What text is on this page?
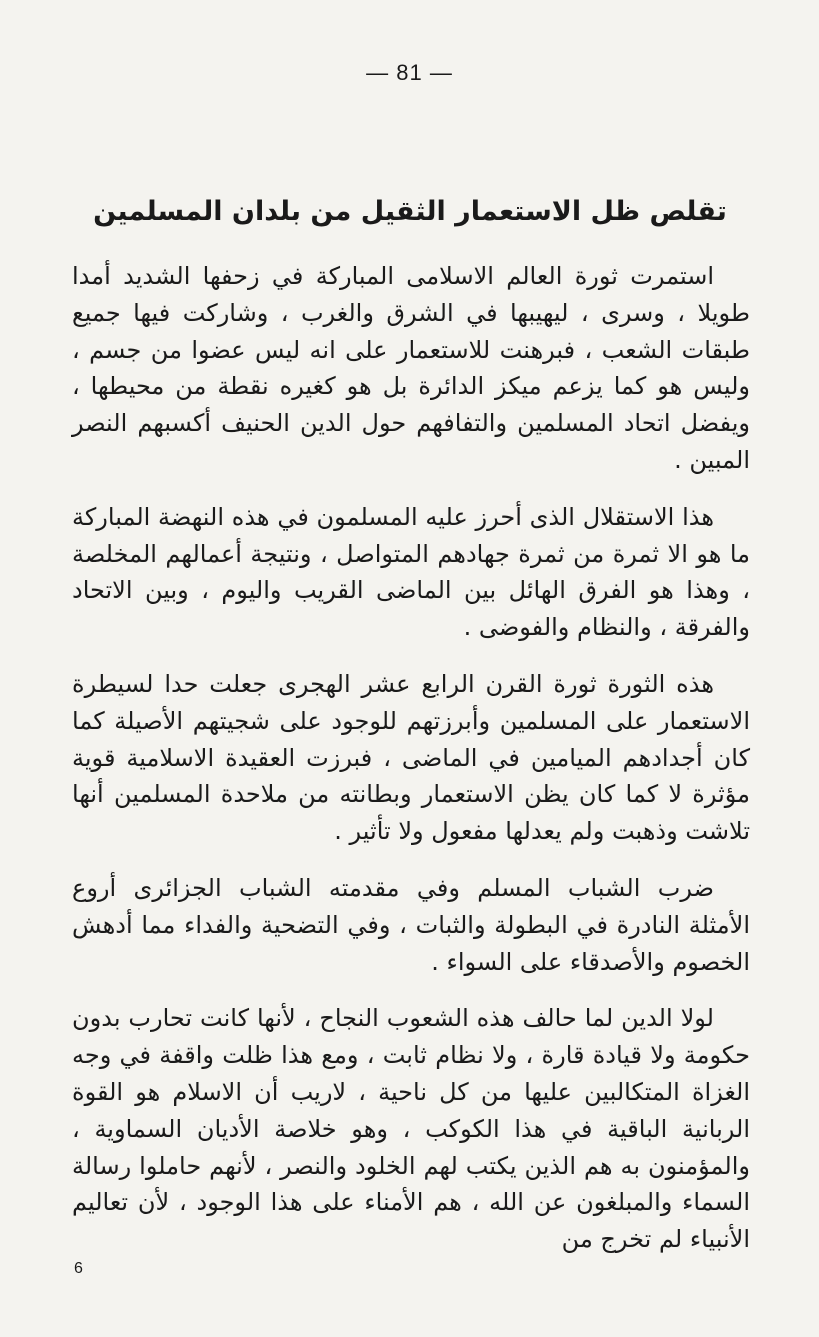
— 81 —
تقلص ظل الاستعمار الثقيل من بلدان المسلمين

استمرت ثورة العالم الاسلامى المباركة في زحفها الشديد أمدا طويلا ، وسرى ، ليهيبها في الشرق والغرب ، وشاركت فيها جميع طبقات الشعب ، فبرهنت للاستعمار على انه ليس عضوا من جسم ، وليس هو كما يزعم ميكز الدائرة بل هو كغيره نقطة من محيطها ، ويفضل اتحاد المسلمين والتفافهم حول الدين الحنيف أكسبهم النصر المبين .

هذا الاستقلال الذى أحرز عليه المسلمون في هذه النهضة المباركة ما هو الا ثمرة من ثمرة جهادهم المتواصل ، ونتيجة أعمالهم المخلصة ، وهذا هو الفرق الهائل بين الماضى القريب واليوم ، وبين الاتحاد والفرقة ، والنظام والفوضى .

هذه الثورة ثورة القرن الرابع عشر الهجرى جعلت حدا لسيطرة الاستعمار على المسلمين وأبرزتهم للوجود على شجيتهم الأصيلة كما كان أجدادهم الميامين في الماضى ، فبرزت العقيدة الاسلامية قوية مؤثرة لا كما كان يظن الاستعمار وبطانته من ملاحدة المسلمين أنها تلاشت وذهبت ولم يعدلها مفعول ولا تأثير .

ضرب الشباب المسلم وفي مقدمته الشباب الجزائرى أروع الأمثلة النادرة في البطولة والثبات ، وفي التضحية والفداء مما أدهش الخصوم والأصدقاء على السواء .

لولا الدين لما حالف هذه الشعوب النجاح ، لأنها كانت تحارب بدون حكومة ولا قيادة قارة ، ولا نظام ثابت ، ومع هذا ظلت واقفة في وجه الغزاة المتكالبين عليها من كل ناحية ، لاريب أن الاسلام هو القوة الربانية الباقية في هذا الكوكب ، وهو خلاصة الأديان السماوية ، والمؤمنون به هم الذين يكتب لهم الخلود والنصر ، لأنهم حاملوا رسالة السماء والمبلغون عن الله ، هم الأمناء على هذا الوجود ، لأن تعاليم الأنبياء لم تخرج من

6
